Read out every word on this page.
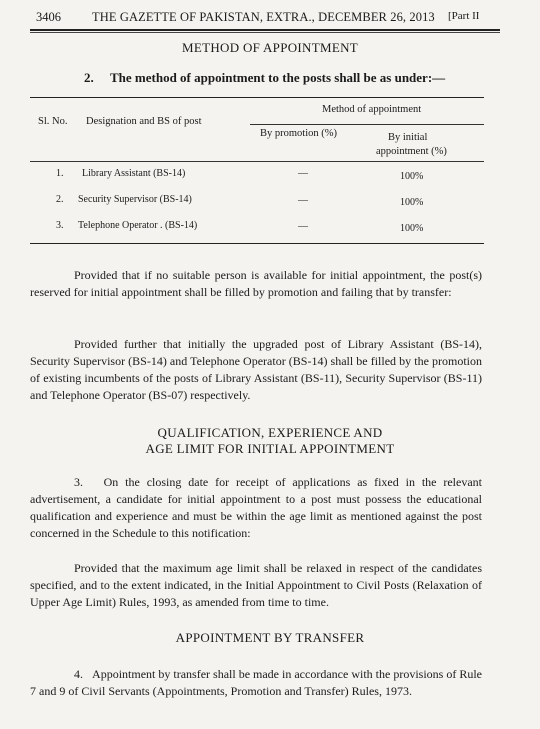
3406 THE GAZETTE OF PAKISTAN, EXTRA., DECEMBER 26, 2013 [Part II
METHOD OF APPOINTMENT
2. The method of appointment to the posts shall be as under:—
Method of appointment
Sl. No. Designation and BS of post
By promotion (%)	By initial
appointment (%)
1. Library Assistant (BS-14)	—	100%
2. Security Supervisor (BS-14)	—	100%
3. Telephone Operator . (BS-14)	—	100%
Provided that if no suitable person is available for initial appointment, the post(s) reserved for initial appointment shall be filled by promotion and failing that by transfer:
Provided further that initially the upgraded post of Library Assistant (BS-14), Security Supervisor (BS-14) and Telephone Operator (BS-14) shall be filled by the promotion of existing incumbents of the posts of Library Assistant (BS-11), Security Supervisor (BS-11) and Telephone Operator (BS-07) respectively.
QUALIFICATION, EXPERIENCE AND
AGE LIMIT FOR INITIAL APPOINTMENT
3. On the closing date for receipt of applications as fixed in the relevant advertisement, a candidate for initial appointment to a post must possess the educational qualification and experience and must be within the age limit as mentioned against the post concerned in the Schedule to this notification:
Provided that the maximum age limit shall be relaxed in respect of the candidates specified, and to the extent indicated, in the Initial Appointment to Civil Posts (Relaxation of Upper Age Limit) Rules, 1993, as amended from time to time.
APPOINTMENT BY TRANSFER
4. Appointment by transfer shall be made in accordance with the provisions of Rule 7 and 9 of Civil Servants (Appointments, Promotion and Transfer) Rules, 1973.
